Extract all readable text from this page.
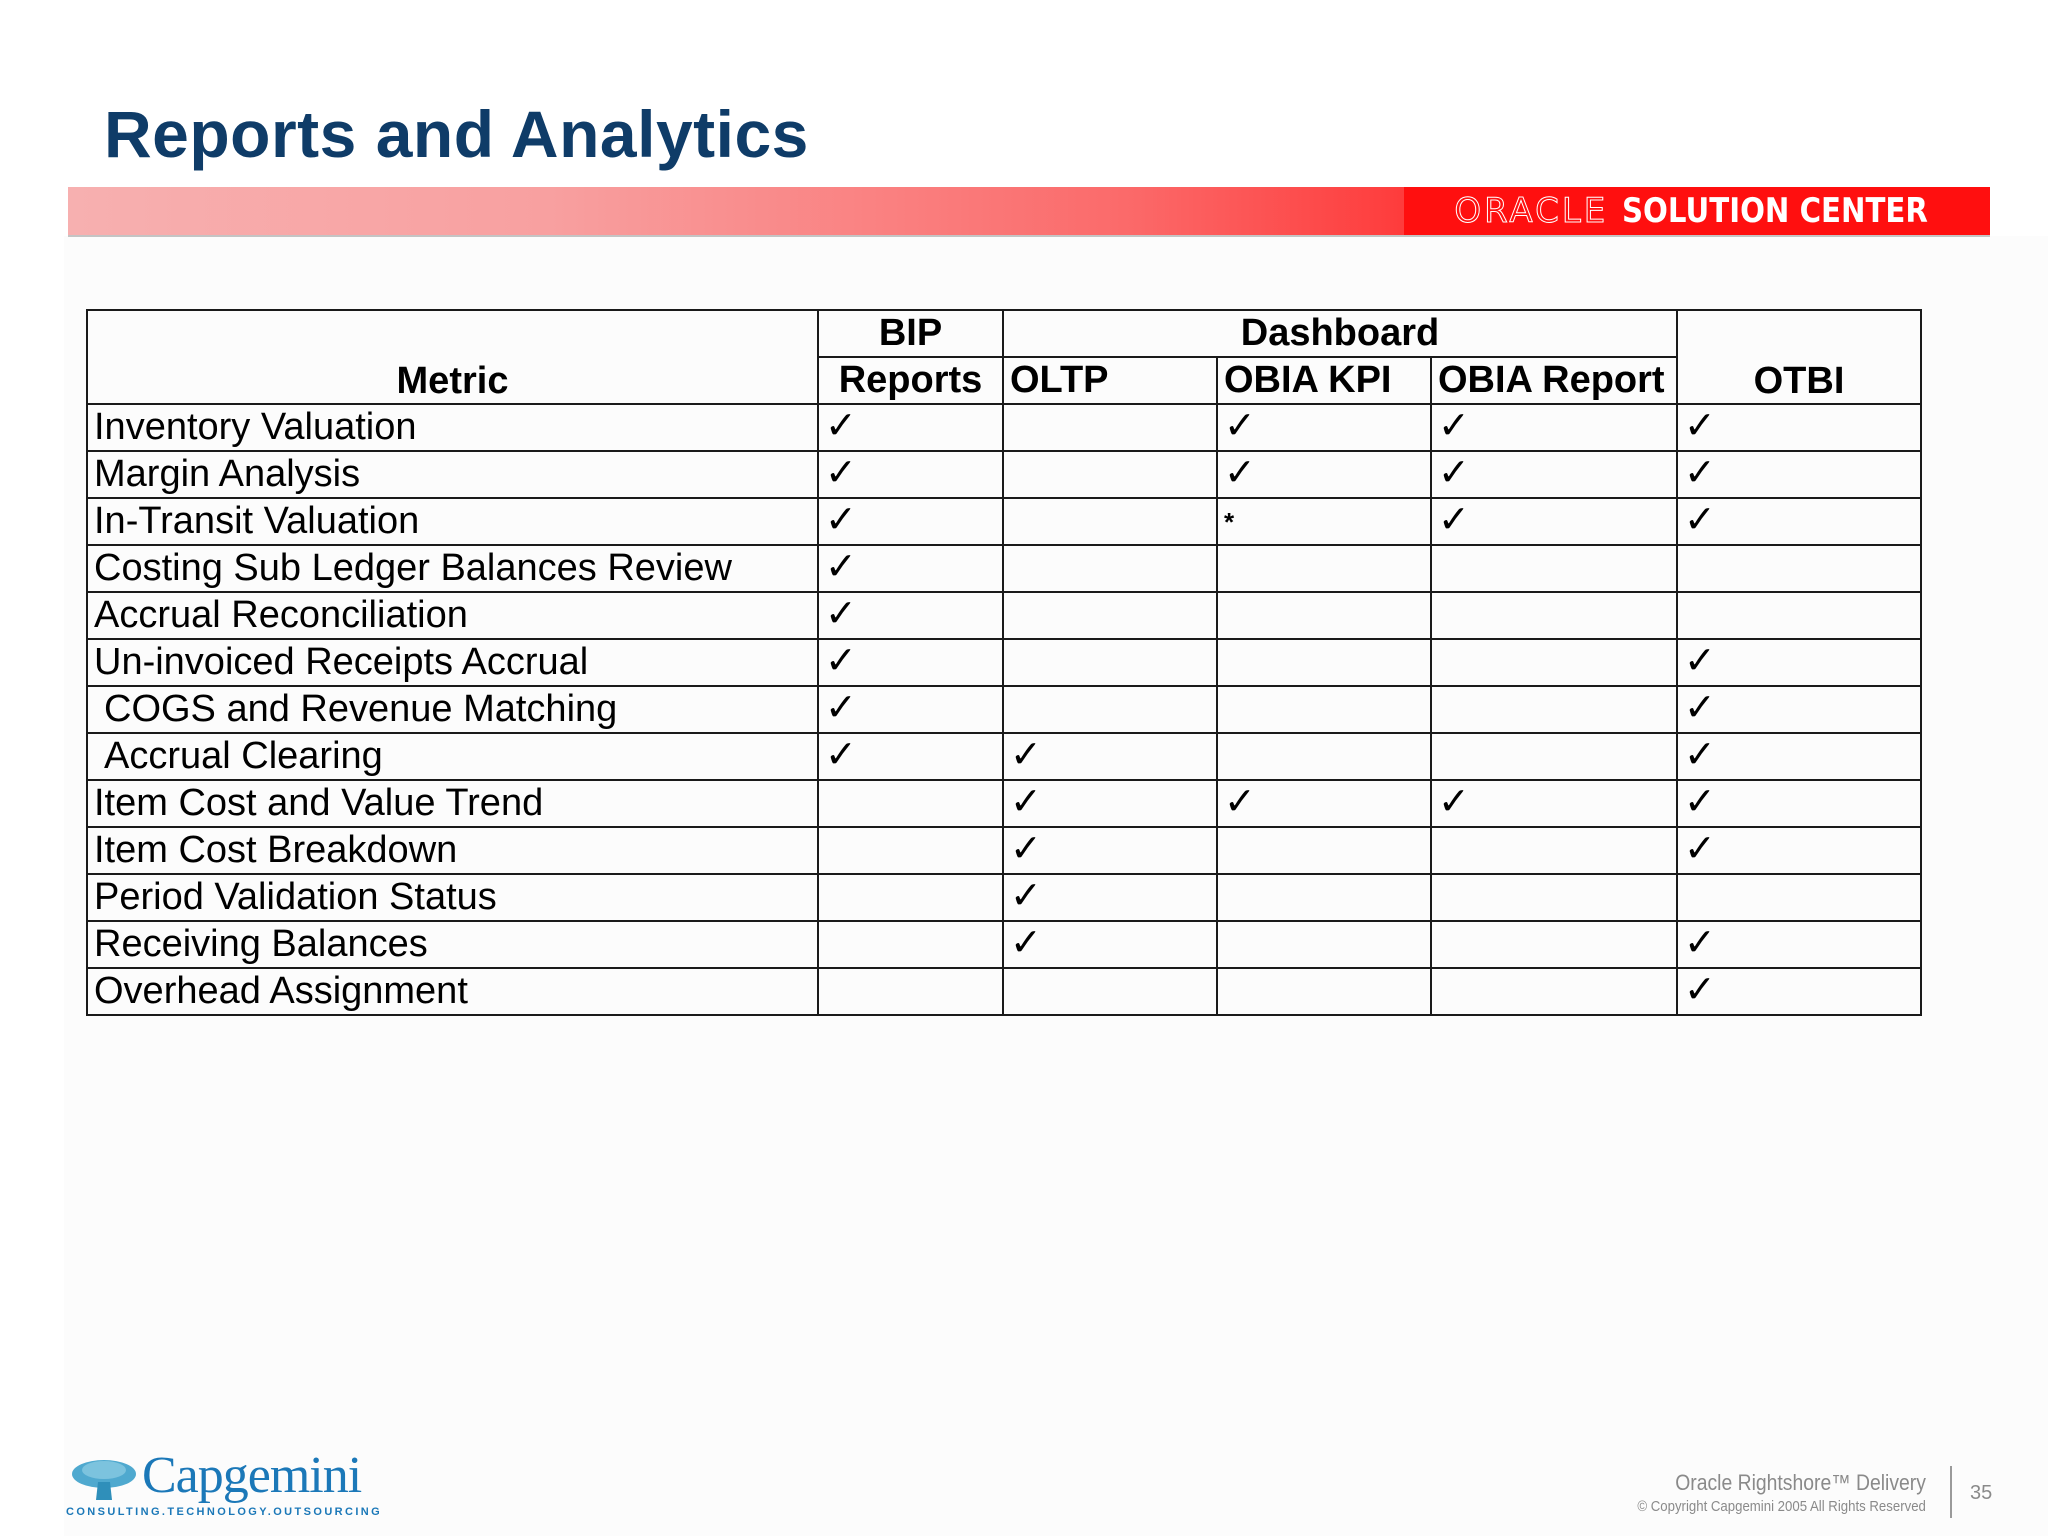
Reports and Analytics
ORACLE SOLUTION CENTER
Metric	BIP	Dashboard			OTBI
	Reports	OLTP	OBIA KPI	OBIA Report	
Inventory Valuation	✓		✓	✓	✓
Margin Analysis	✓		✓	✓	✓
In-Transit Valuation	✓		*	✓	✓
Costing Sub Ledger Balances Review	✓				
Accrual Reconciliation	✓				
Un-invoiced Receipts Accrual	✓				✓
COGS and Revenue Matching	✓				✓
Accrual Clearing	✓	✓			✓
Item Cost and Value Trend		✓	✓	✓	✓
Item Cost Breakdown		✓			✓
Period Validation Status		✓			
Receiving Balances		✓			✓
Overhead Assignment					✓
Capgemini
CONSULTING.TECHNOLOGY.OUTSOURCING
Oracle Rightshore™ Delivery
© Copyright Capgemini 2005 All Rights Reserved
35
